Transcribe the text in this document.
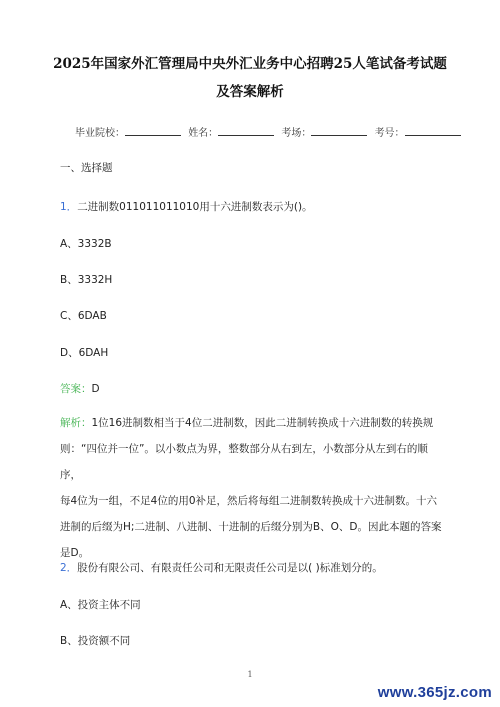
2025年国家外汇管理局中央外汇业务中心招聘25人笔试备考试题
及答案解析
毕业院校：	姓名：	考场：	考号：
一、选择题
1．二进制数011011011010用十六进制数表示为()。
A、3332B
B、3332H
C、6DAB
D、6DAH
答案：D
解析：1位16进制数相当于4位二进制数，因此二进制转换成十六进制数的转换规
则：“四位并一位”。以小数点为界，整数部分从右到左，小数部分从左到右的顺序，
每4位为一组，不足4位的用0补足，然后将每组二进制数转换成十六进制数。十六
进制的后缀为H;二进制、八进制、十进制的后缀分别为B、O、D。因此本题的答案
是D。
2．股份有限公司、有限责任公司和无限责任公司是以( )标准划分的。
A、投资主体不同
B、投资额不同
1
www.365jz.com
